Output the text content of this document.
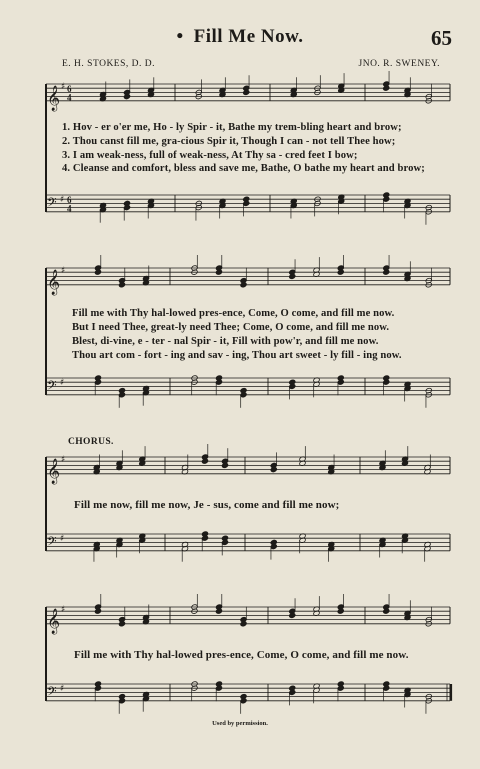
• Fill Me Now.	65
E. H. STOKES, D. D.	JNO. R. SWENEY.
𝄞 ♯ 6
4
𝄢 ♯ 6
4
𝄞 ♯
𝄢 ♯
𝄞 ♯
𝄢 ♯
𝄞 ♯
𝄢 ♯
1. Hov - er o'er me, Ho - ly Spir - it, Bathe my trem-bling heart and brow;
2. Thou canst fill me, gra-cious Spir it, Though I can - not tell Thee how;
3. I am weak-ness, full of weak-ness, At Thy sa - cred feet I bow;
4. Cleanse and comfort, bless and save me, Bathe, O bathe my heart and brow;
Fill me with Thy hal-lowed pres-ence, Come, O come, and fill me now.
But I need Thee, great-ly need Thee; Come, O come, and fill me now.
Blest, di-vine, e - ter - nal Spir - it, Fill with pow'r, and fill me now.
Thou art com - fort - ing and sav - ing, Thou art sweet - ly fill - ing now.
CHORUS.
Fill me now, fill me now, Je - sus, come and fill me now;
Fill me with Thy hal-lowed pres-ence, Come, O come, and fill me now.
Used by permission.
